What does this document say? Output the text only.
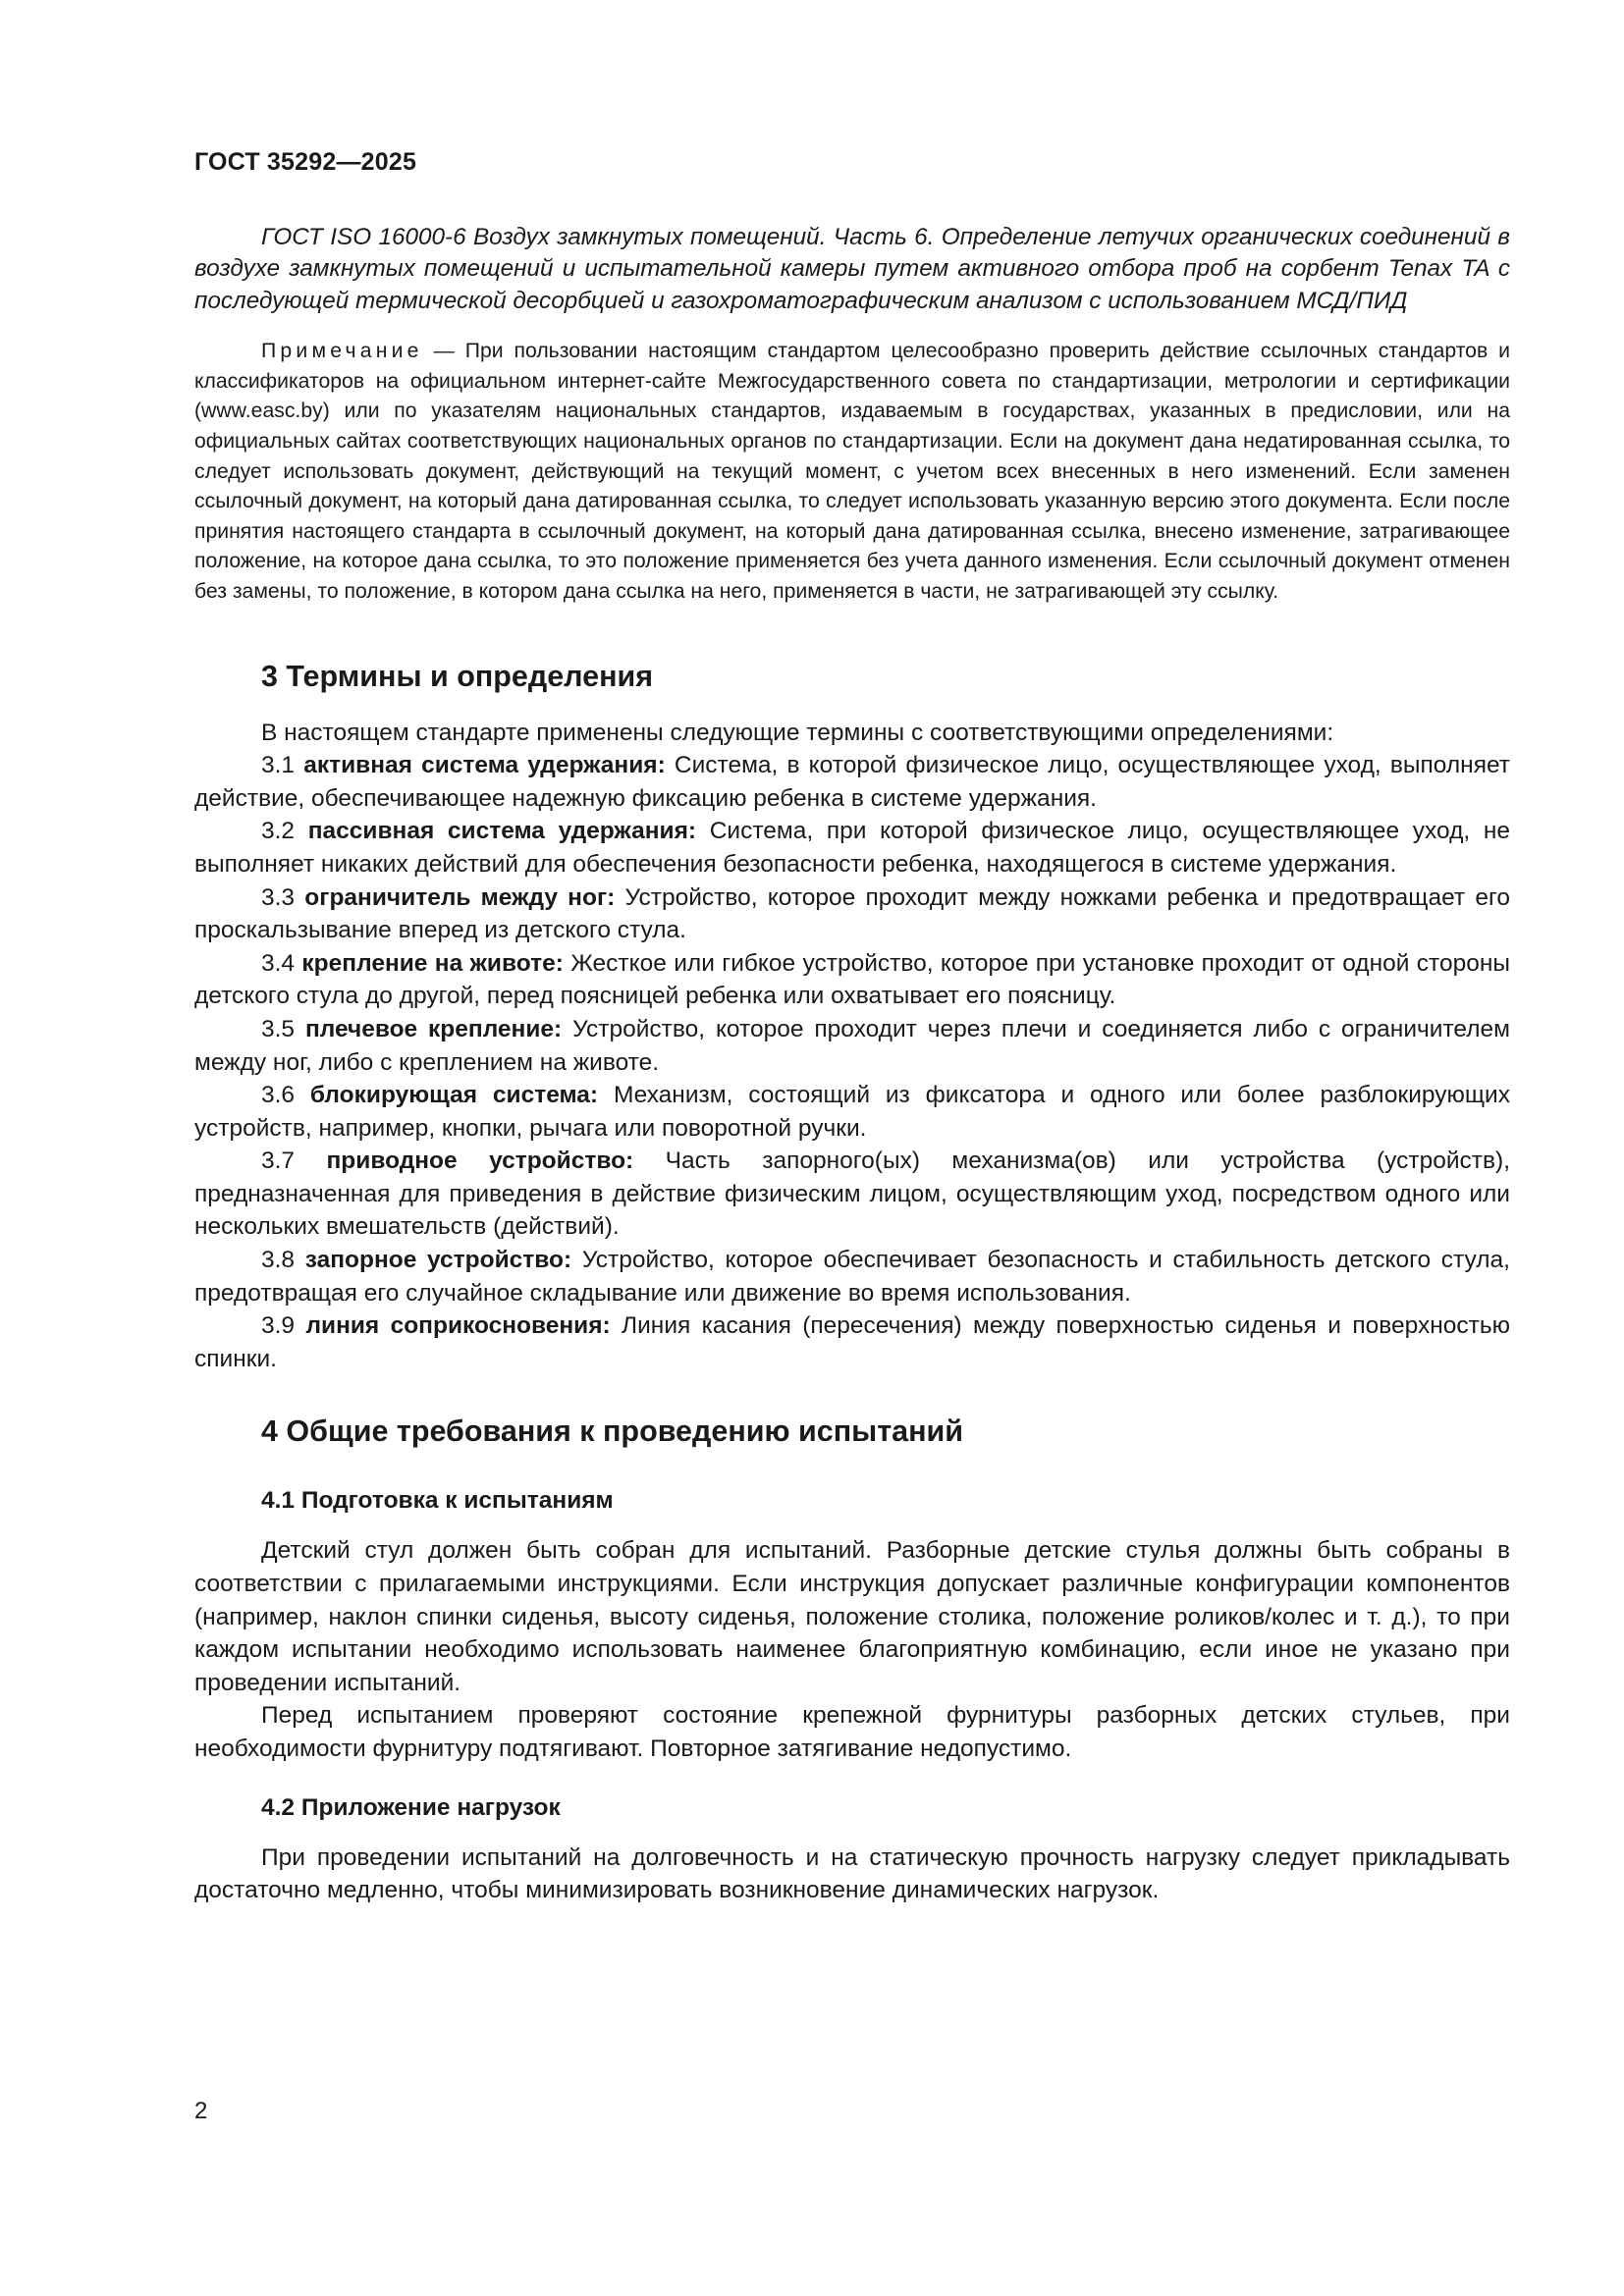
ГОСТ 35292—2025

ГОСТ ISO 16000-6 Воздух замкнутых помещений. Часть 6. Определение летучих органических соединений в воздухе замкнутых помещений и испытательной камеры путем активного отбора проб на сорбент Tenax TA с последующей термической десорбцией и газохроматографическим анализом с использованием МСД/ПИД

Примечание — При пользовании настоящим стандартом целесообразно проверить действие ссылочных стандартов и классификаторов на официальном интернет-сайте Межгосударственного совета по стандартизации, метрологии и сертификации (www.easc.by) или по указателям национальных стандартов, издаваемым в государствах, указанных в предисловии, или на официальных сайтах соответствующих национальных органов по стандартизации. Если на документ дана недатированная ссылка, то следует использовать документ, действующий на текущий момент, с учетом всех внесенных в него изменений. Если заменен ссылочный документ, на который дана датированная ссылка, то следует использовать указанную версию этого документа. Если после принятия настоящего стандарта в ссылочный документ, на который дана датированная ссылка, внесено изменение, затрагивающее положение, на которое дана ссылка, то это положение применяется без учета данного изменения. Если ссылочный документ отменен без замены, то положение, в котором дана ссылка на него, применяется в части, не затрагивающей эту ссылку.

3 Термины и определения

В настоящем стандарте применены следующие термины с соответствующими определениями:

3.1 активная система удержания: Система, в которой физическое лицо, осуществляющее уход, выполняет действие, обеспечивающее надежную фиксацию ребенка в системе удержания.

3.2 пассивная система удержания: Система, при которой физическое лицо, осуществляющее уход, не выполняет никаких действий для обеспечения безопасности ребенка, находящегося в системе удержания.

3.3 ограничитель между ног: Устройство, которое проходит между ножками ребенка и предотвращает его проскальзывание вперед из детского стула.

3.4 крепление на животе: Жесткое или гибкое устройство, которое при установке проходит от одной стороны детского стула до другой, перед поясницей ребенка или охватывает его поясницу.

3.5 плечевое крепление: Устройство, которое проходит через плечи и соединяется либо с ограничителем между ног, либо с креплением на животе.

3.6 блокирующая система: Механизм, состоящий из фиксатора и одного или более разблокирующих устройств, например, кнопки, рычага или поворотной ручки.

3.7 приводное устройство: Часть запорного(ых) механизма(ов) или устройства (устройств), предназначенная для приведения в действие физическим лицом, осуществляющим уход, посредством одного или нескольких вмешательств (действий).

3.8 запорное устройство: Устройство, которое обеспечивает безопасность и стабильность детского стула, предотвращая его случайное складывание или движение во время использования.

3.9 линия соприкосновения: Линия касания (пересечения) между поверхностью сиденья и поверхностью спинки.

4 Общие требования к проведению испытаний
4.1 Подготовка к испытаниям

Детский стул должен быть собран для испытаний. Разборные детские стулья должны быть собраны в соответствии с прилагаемыми инструкциями. Если инструкция допускает различные конфигурации компонентов (например, наклон спинки сиденья, высоту сиденья, положение столика, положение роликов/колес и т. д.), то при каждом испытании необходимо использовать наименее благоприятную комбинацию, если иное не указано при проведении испытаний.

Перед испытанием проверяют состояние крепежной фурнитуры разборных детских стульев, при необходимости фурнитуру подтягивают. Повторное затягивание недопустимо.

4.2 Приложение нагрузок

При проведении испытаний на долговечность и на статическую прочность нагрузку следует прикладывать достаточно медленно, чтобы минимизировать возникновение динамических нагрузок.

2
